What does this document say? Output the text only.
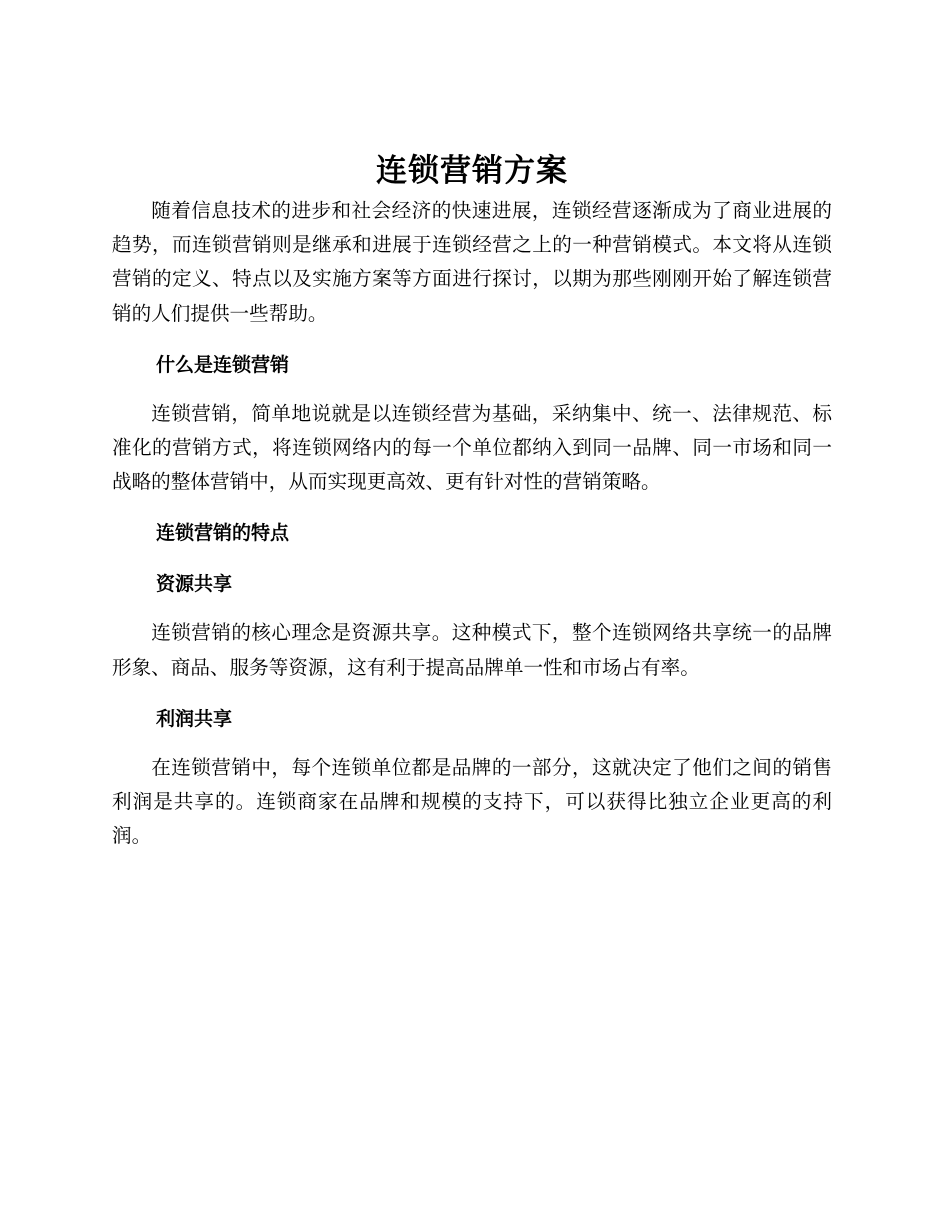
连锁营销方案

随着信息技术的进步和社会经济的快速进展，连锁经营逐渐成为了商业进展的趋势，而连锁营销则是继承和进展于连锁经营之上的一种营销模式。本文将从连锁营销的定义、特点以及实施方案等方面进行探讨，以期为那些刚刚开始了解连锁营销的人们提供一些帮助。

什么是连锁营销

连锁营销，简单地说就是以连锁经营为基础，采纳集中、统一、法律规范、标准化的营销方式，将连锁网络内的每一个单位都纳入到同一品牌、同一市场和同一战略的整体营销中，从而实现更高效、更有针对性的营销策略。

连锁营销的特点
资源共享

连锁营销的核心理念是资源共享。这种模式下，整个连锁网络共享统一的品牌形象、商品、服务等资源，这有利于提高品牌单一性和市场占有率。

利润共享

在连锁营销中，每个连锁单位都是品牌的一部分，这就决定了他们之间的销售利润是共享的。连锁商家在品牌和规模的支持下，可以获得比独立企业更高的利润。
